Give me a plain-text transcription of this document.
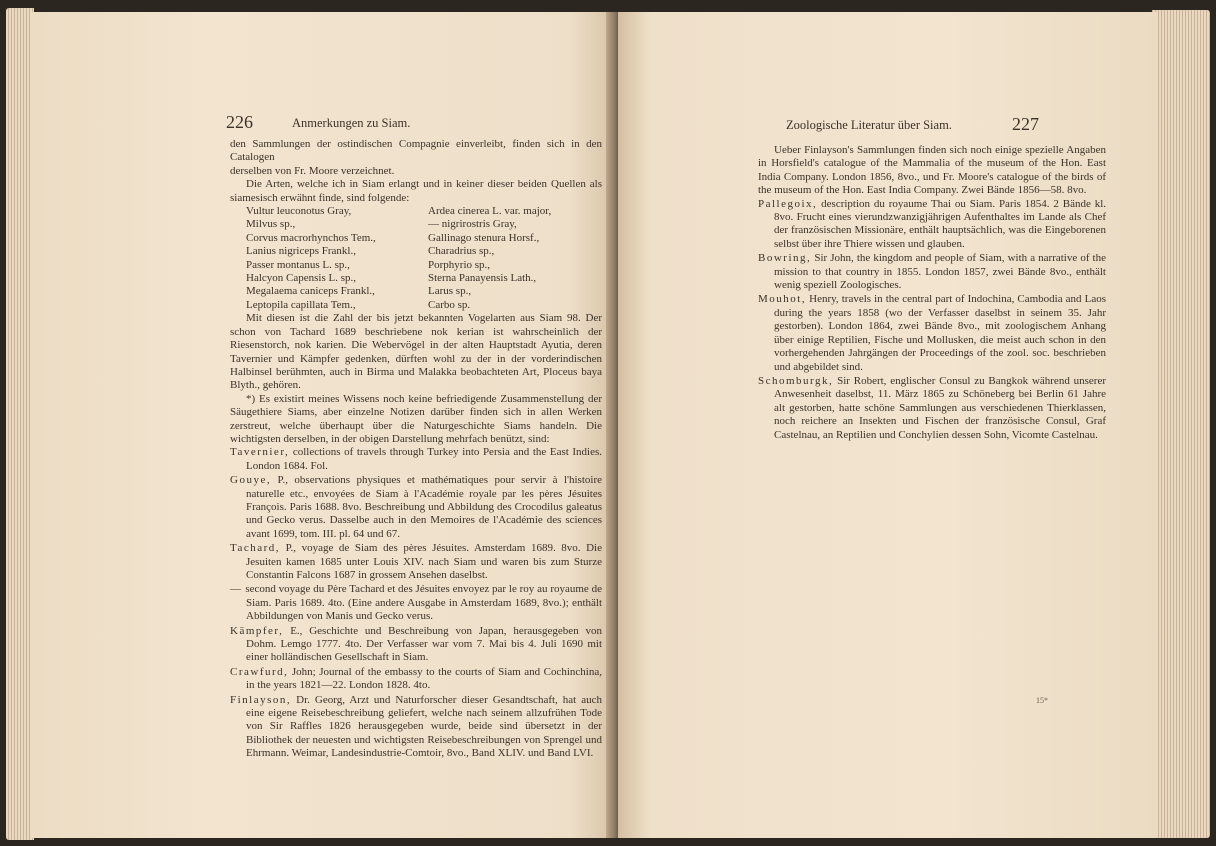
226	Anmerkungen zu Siam.
den Sammlungen der ostindischen Compagnie einverleibt, finden sich in den Catalogen
derselben von Fr. Moore verzeichnet.

Die Arten, welche ich in Siam erlangt und in keiner dieser beiden Quellen als siamesisch erwähnt finde, sind folgende:

Vultur leuconotus Gray,
Milvus sp.,
Corvus macrorhynchos Tem.,
Lanius nigriceps Frankl.,
Passer montanus L. sp.,
Halcyon Capensis L. sp.,
Megalaema caniceps Frankl.,
Leptopila capillata Tem.,
Ardea cinerea L. var. major,
— nigrirostris Gray,
Gallinago stenura Horsf.,
Charadrius sp.,
Porphyrio sp.,
Sterna Panayensis Lath.,
Larus sp.,
Carbo sp.

Mit diesen ist die Zahl der bis jetzt bekannten Vogelarten aus Siam 98. Der schon von Tachard 1689 beschriebene nok kerian ist wahrscheinlich der Riesenstorch, nok karien. Die Webervögel in der alten Hauptstadt Ayutia, deren Tavernier und Kämpfer gedenken, dürften wohl zu der in der vorderindischen Halbinsel berühmten, auch in Birma und Malakka beobachteten Art, Ploceus baya Blyth., gehören.

*) Es existirt meines Wissens noch keine befriedigende Zusammenstellung der Säugethiere Siams, aber einzelne Notizen darüber finden sich in allen Werken zerstreut, welche überhaupt über die Naturgeschichte Siams handeln. Die wichtigsten derselben, in der obigen Darstellung mehrfach benützt, sind:

Tavernier, collections of travels through Turkey into Persia and the East Indies. London 1684. Fol.

Gouye, P., observations physiques et mathématiques pour servir à l'histoire naturelle etc., envoyées de Siam à l'Académie royale par les pères Jésuites François. Paris 1688. 8vo. Beschreibung und Abbildung des Crocodilus galeatus und Gecko verus. Dasselbe auch in den Memoires de l'Académie des sciences avant 1699, tom. III. pl. 64 und 67.

Tachard, P., voyage de Siam des pères Jésuites. Amsterdam 1689. 8vo. Die Jesuiten kamen 1685 unter Louis XIV. nach Siam und waren bis zum Sturze Constantin Falcons 1687 in grossem Ansehen daselbst.

— second voyage du Père Tachard et des Jésuites envoyez par le roy au royaume de Siam. Paris 1689. 4to. (Eine andere Ausgabe in Amsterdam 1689, 8vo.); enthält Abbildungen von Manis und Gecko verus.

Kämpfer, E., Geschichte und Beschreibung von Japan, herausgegeben von Dohm. Lemgo 1777. 4to. Der Verfasser war vom 7. Mai bis 4. Juli 1690 mit einer holländischen Gesellschaft in Siam.

Crawfurd, John; Journal of the embassy to the courts of Siam and Cochinchina, in the years 1821—22. London 1828. 4to.

Finlayson, Dr. Georg, Arzt und Naturforscher dieser Gesandtschaft, hat auch eine eigene Reisebeschreibung geliefert, welche nach seinem allzufrühen Tode von Sir Raffles 1826 herausgegeben wurde, beide sind übersetzt in der Bibliothek der neuesten und wichtigsten Reisebeschreibungen von Sprengel und Ehrmann. Weimar, Landesindustrie-Comtoir, 8vo., Band XLIV. und Band LVI.

Zoologische Literatur über Siam.	227

Ueber Finlayson's Sammlungen finden sich noch einige spezielle Angaben in Horsfield's catalogue of the Mammalia of the museum of the Hon. East India Company. London 1856, 8vo., und Fr. Moore's catalogue of the birds of the museum of the Hon. East India Company. Zwei Bände 1856—58. 8vo.

Pallegoix, description du royaume Thai ou Siam. Paris 1854. 2 Bände kl. 8vo. Frucht eines vierundzwanzigjährigen Aufenthaltes im Lande als Chef der französischen Missionäre, enthält hauptsächlich, was die Eingeborenen selbst über ihre Thiere wissen und glauben.

Bowring, Sir John, the kingdom and people of Siam, with a narrative of the mission to that country in 1855. London 1857, zwei Bände 8vo., enthält wenig speziell Zoologisches.

Mouhot, Henry, travels in the central part of Indochina, Cambodia and Laos during the years 1858 (wo der Verfasser daselbst in seinem 35. Jahr gestorben). London 1864, zwei Bände 8vo., mit zoologischem Anhang über einige Reptilien, Fische und Mollusken, die meist auch schon in den vorhergehenden Jahrgängen der Proceedings of the zool. soc. beschrieben und abgebildet sind.

Schomburgk, Sir Robert, englischer Consul zu Bangkok während unserer Anwesenheit daselbst, 11. März 1865 zu Schöneberg bei Berlin 61 Jahre alt gestorben, hatte schöne Sammlungen aus verschiedenen Thierklassen, noch reichere an Insekten und Fischen der französische Consul, Graf Castelnau, an Reptilien und Conchylien dessen Sohn, Vicomte Castelnau.

15*
